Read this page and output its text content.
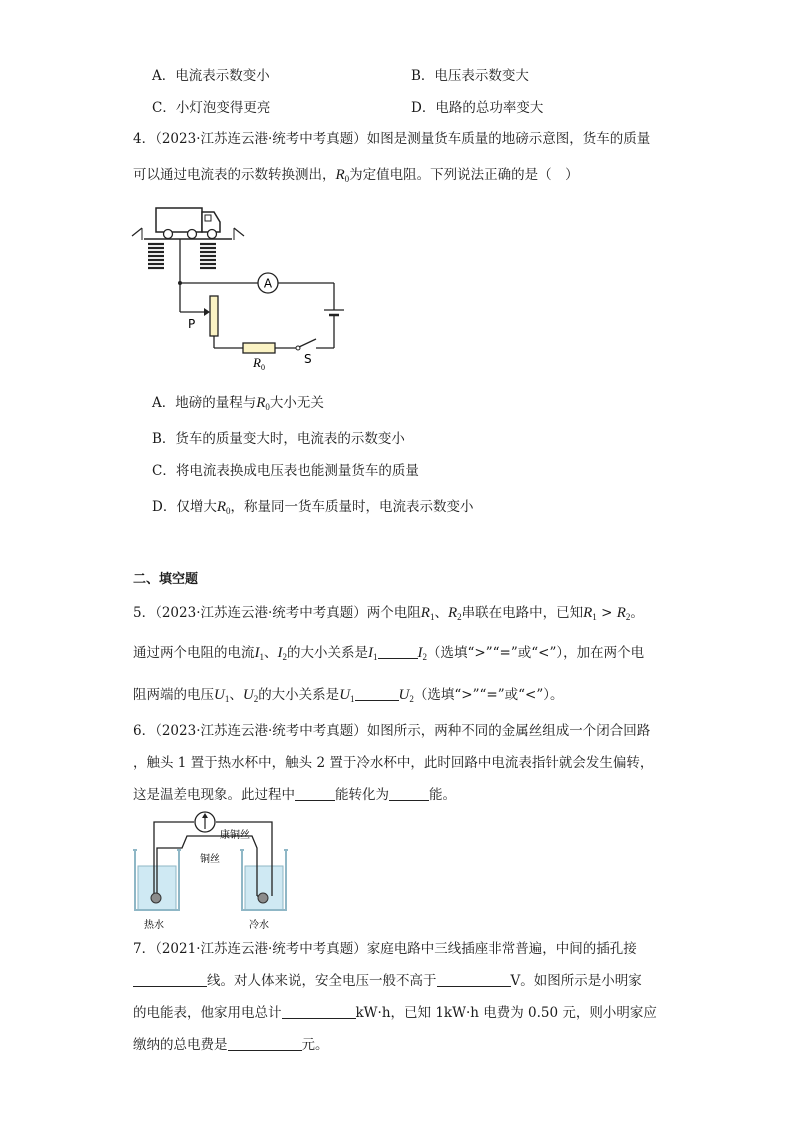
A．电流表示数变小	B．电压表示数变大
C．小灯泡变得更亮	D．电路的总功率变大
4．（2023·江苏连云港·统考中考真题）如图是测量货车质量的地磅示意图，货车的质量
可以通过电流表的示数转换测出，$R_0$为定值电阻。下列说法正确的是（　）
A
P
$R_0$
S
A．地磅的量程与$R_0$大小无关
B．货车的质量变大时，电流表的示数变小
C．将电流表换成电压表也能测量货车的质量
D．仅增大$R_0$，称量同一货车质量时，电流表示数变小
二、填空题
5．（2023·江苏连云港·统考中考真题）两个电阻$R_1$、$R_2$串联在电路中，已知$R_1 > R_2$。
通过两个电阻的电流$I_1$、$I_2$的大小关系是$I_1$	$I_2$（选填“>”“=”或“<”），加在两个电
阻两端的电压$U_1$、$U_2$的大小关系是$U_1$	$U_2$（选填“>”“=”或“<”）。
6．（2023·江苏连云港·统考中考真题）如图所示，两种不同的金属丝组成一个闭合回路
，触头 1 置于热水杯中，触头 2 置于冷水杯中，此时回路中电流表指针就会发生偏转，
这是温差电现象。此过程中	能转化为	能。
康铜丝
铜丝
热水	冷水
7．（2021·江苏连云港·统考中考真题）家庭电路中三线插座非常普遍，中间的插孔接
线。对人体来说，安全电压一般不高于	V。如图所示是小明家
的电能表，他家用电总计	kW·h，已知 1kW·h 电费为 0.50 元，则小明家应
缴纳的总电费是	元。
